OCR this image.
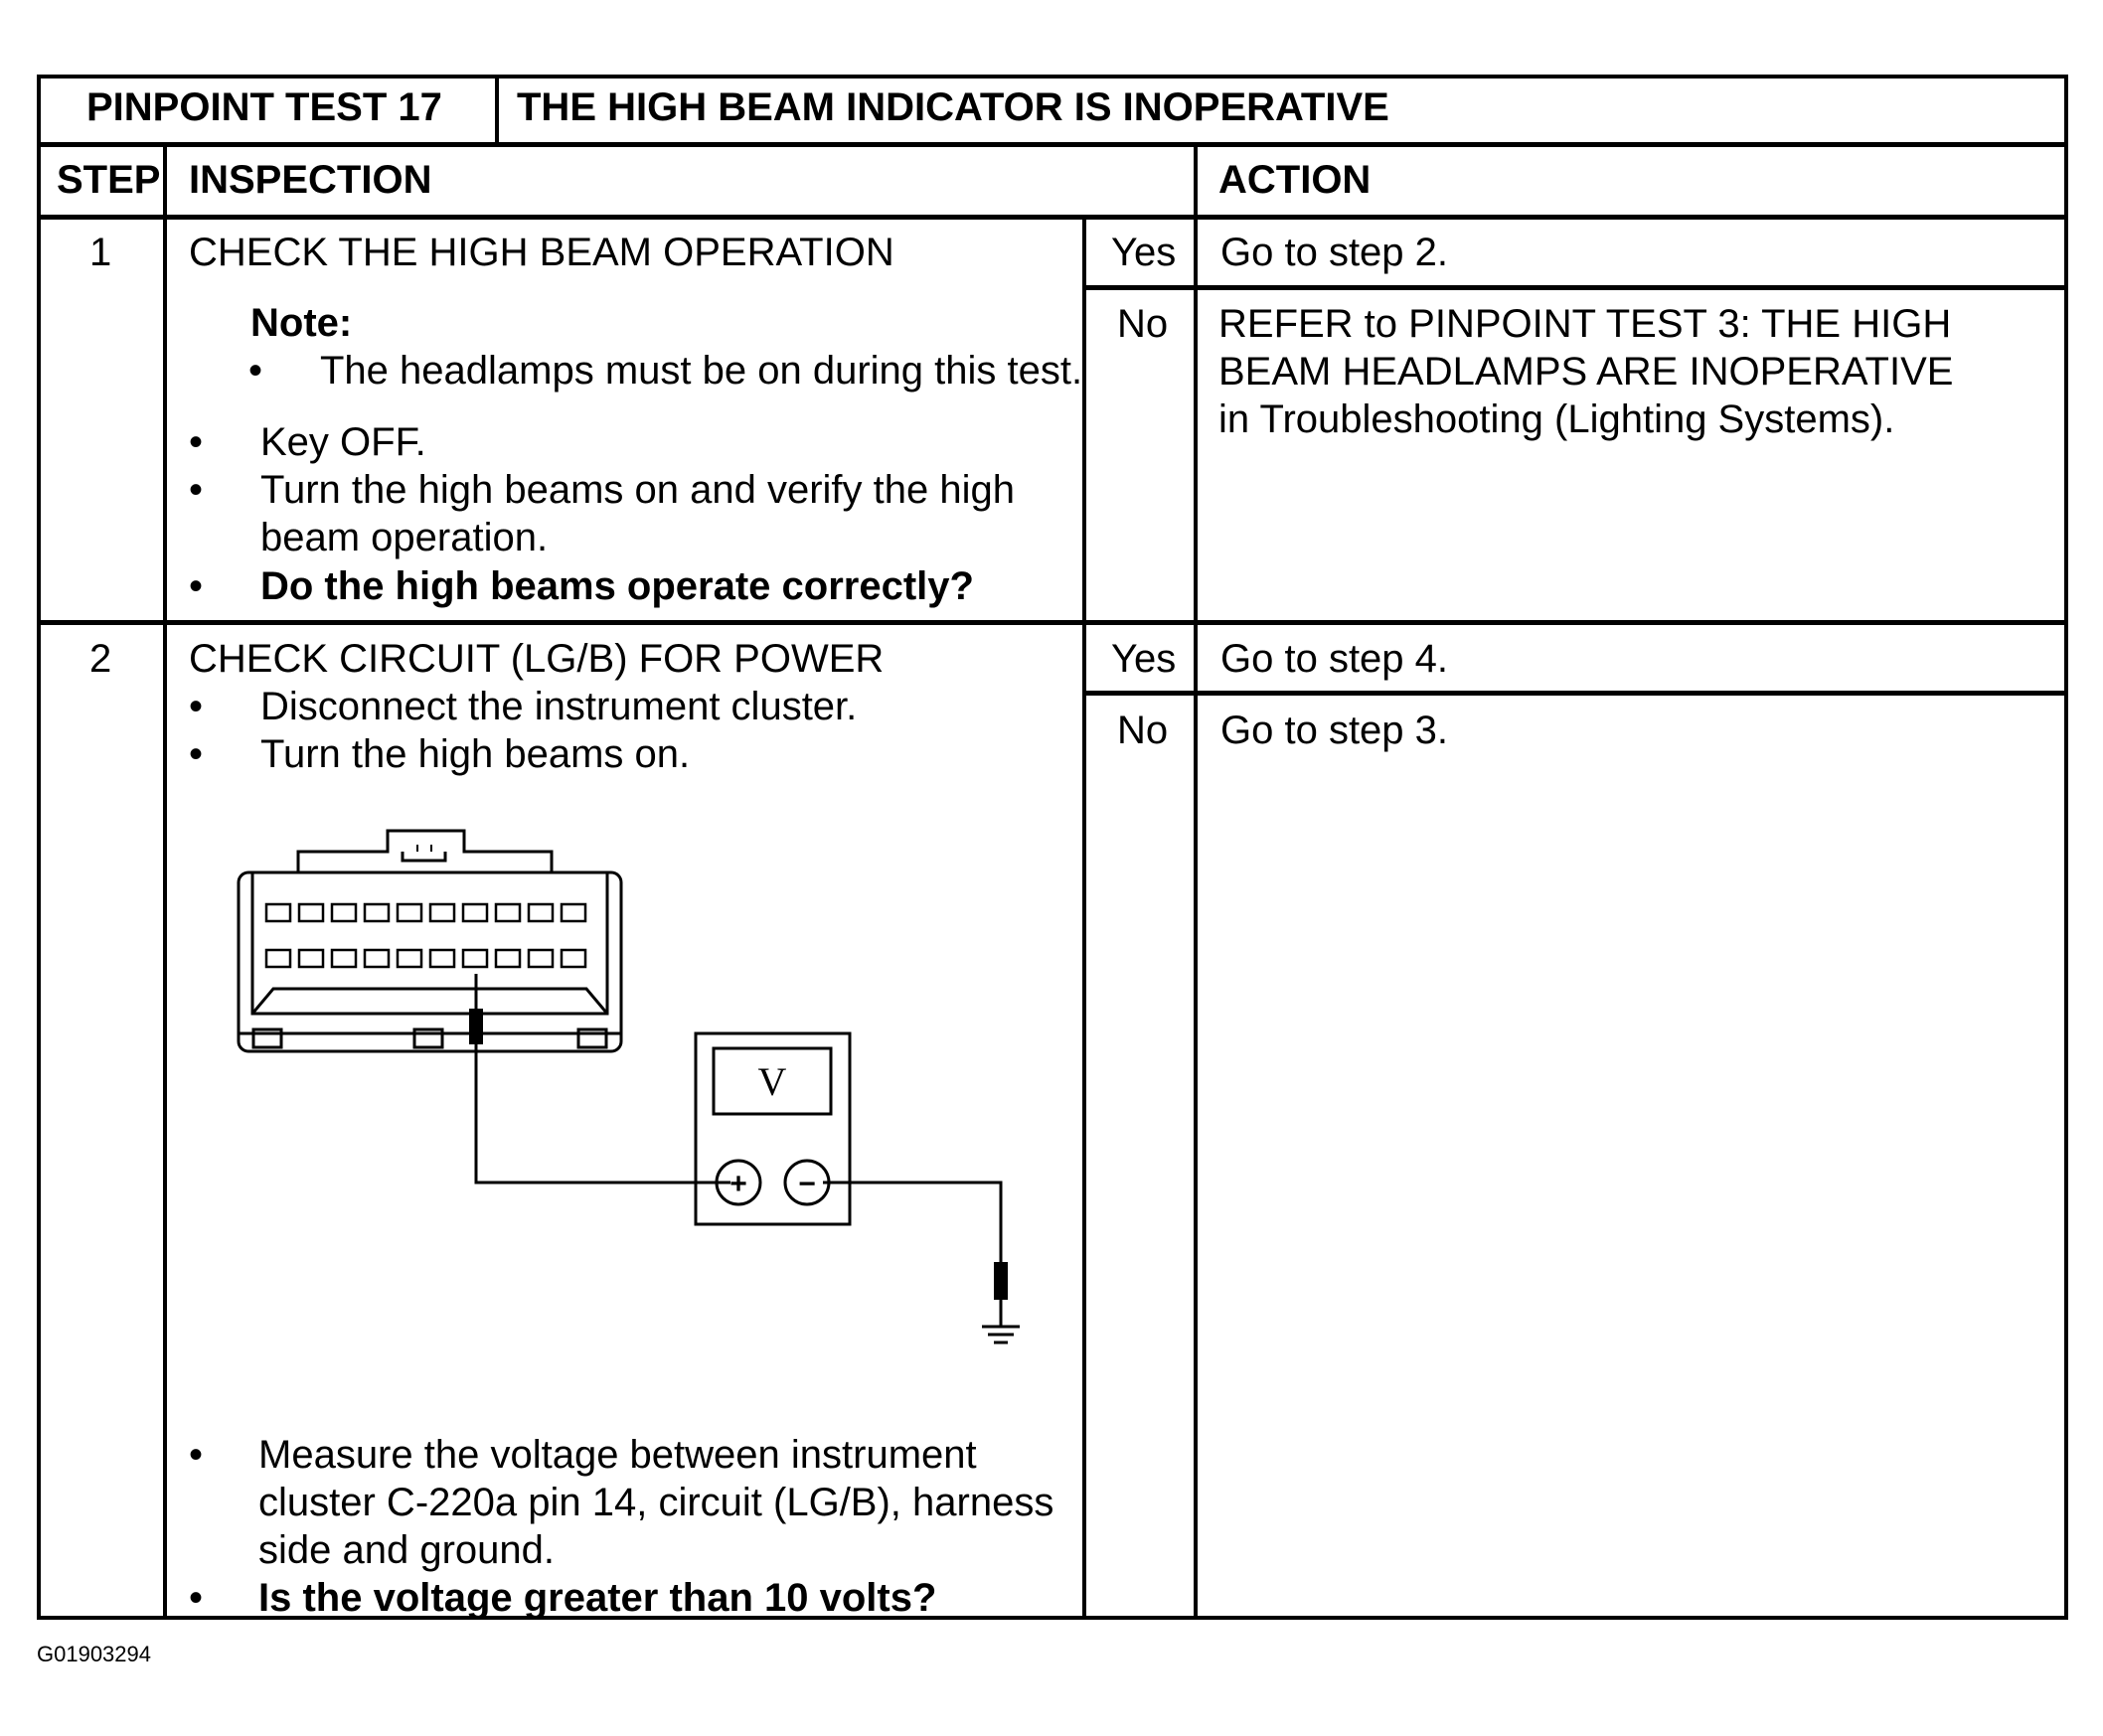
PINPOINT TEST 17 THE HIGH BEAM INDICATOR IS INOPERATIVE
STEP INSPECTION	ACTION
1 CHECK THE HIGH BEAM OPERATION
Note:
• The headlamps must be on during this test.
• Key OFF.
• Turn the high beams on and verify the high
beam operation.
• Do the high beams operate correctly?
Yes Go to step 2.
No REFER to PINPOINT TEST 3: THE HIGH
BEAM HEADLAMPS ARE INOPERATIVE
in Troubleshooting (Lighting Systems).
2 CHECK CIRCUIT (LG/B) FOR POWER
• Disconnect the instrument cluster.
• Turn the high beams on.
V
+ −
• Measure the voltage between instrument
cluster C-220a pin 14, circuit (LG/B), harness
side and ground.
• Is the voltage greater than 10 volts?
Yes Go to step 4.
No Go to step 3.
G01903294
